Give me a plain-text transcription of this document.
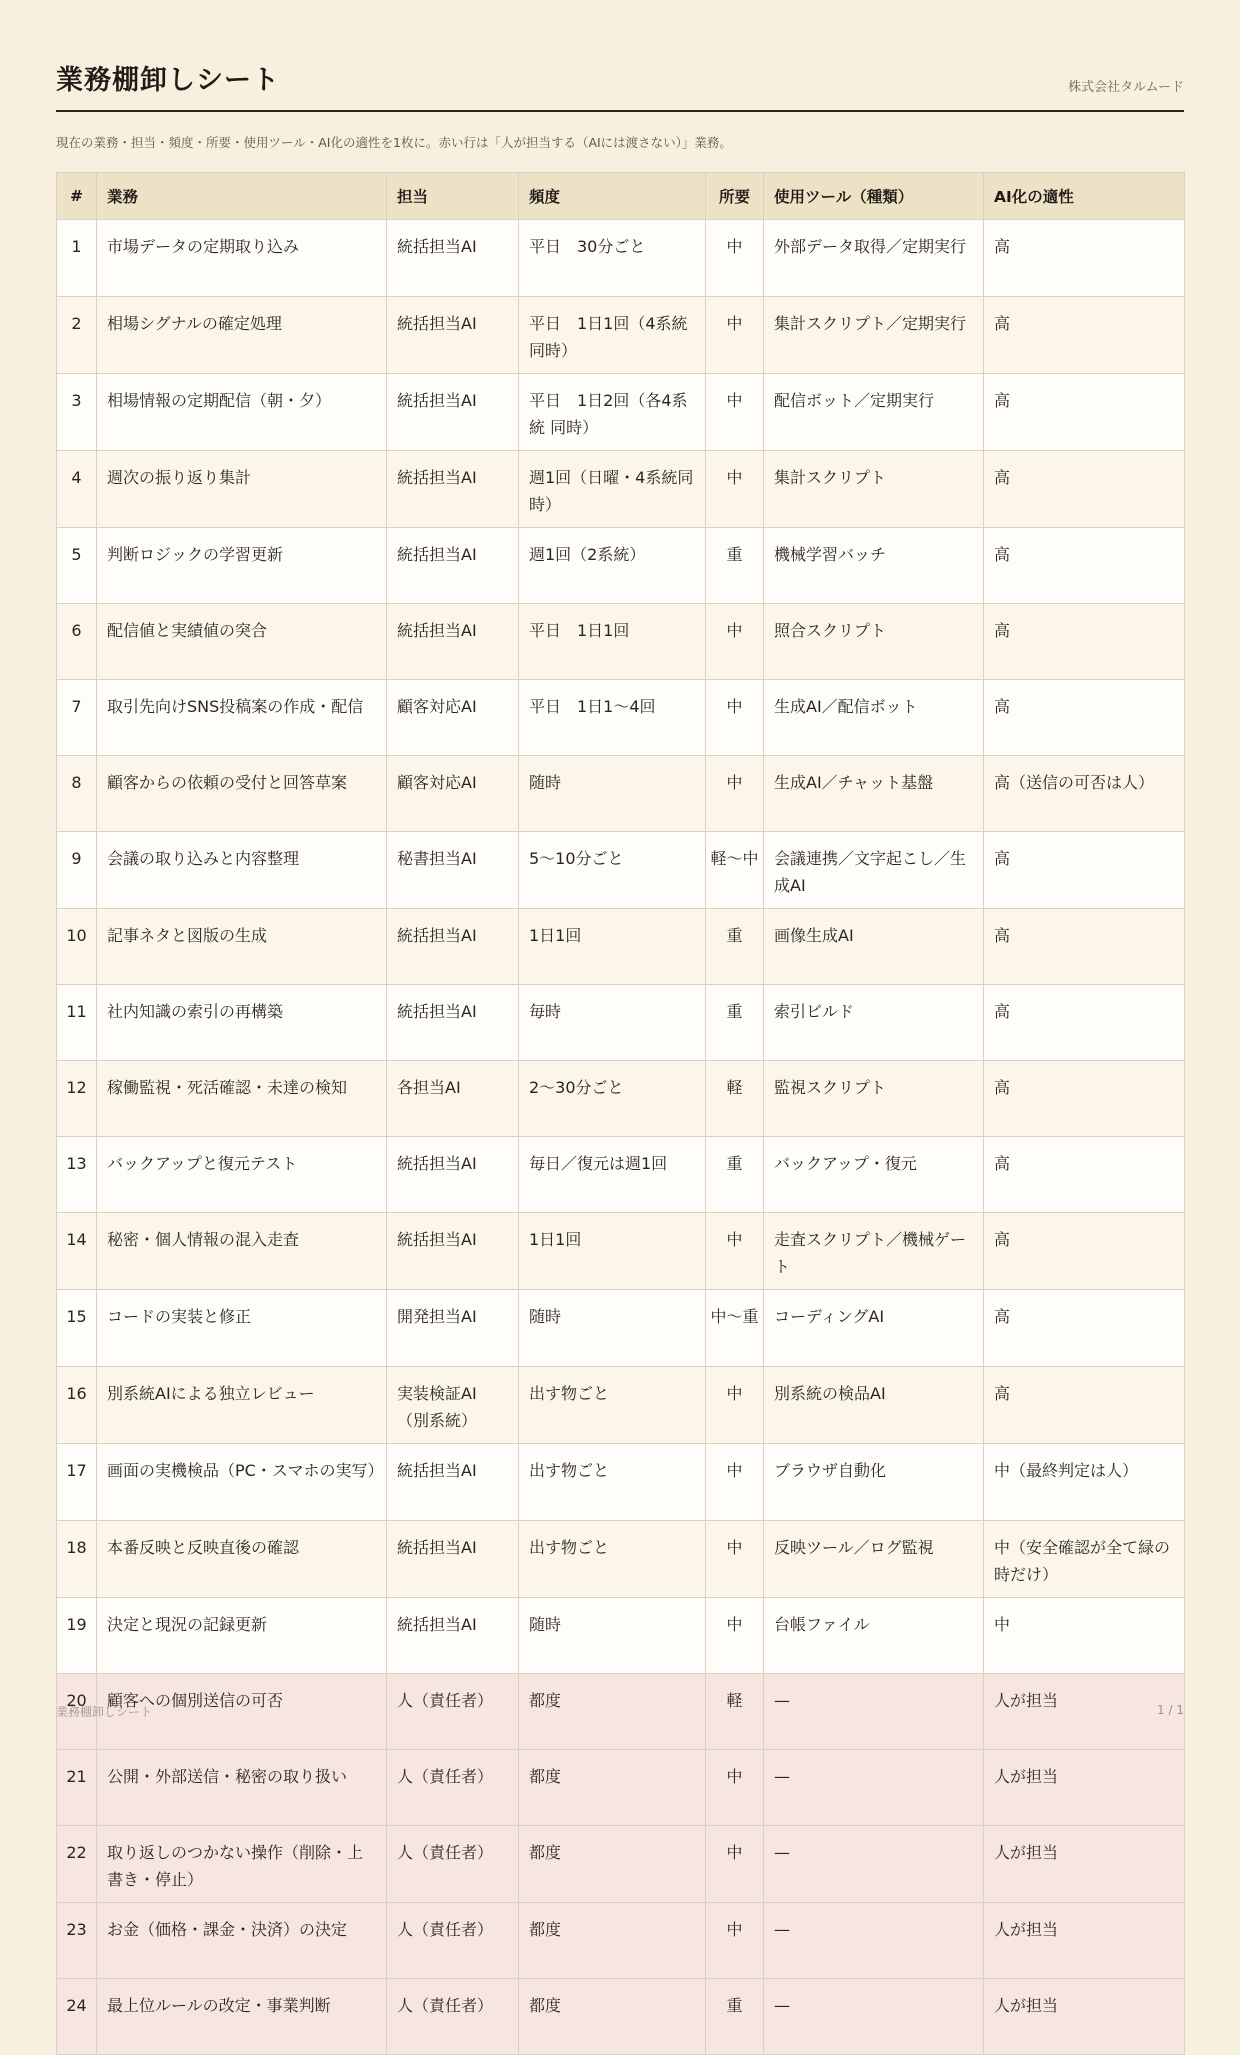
業務棚卸しシート	株式会社タルムード
現在の業務・担当・頻度・所要・使用ツール・AI化の適性を1枚に。赤い行は「人が担当する（AIには渡さない）」業務。
#	業務	担当	頻度	所要	使用ツール（種類）	AI化の適性
1	市場データの定期取り込み	統括担当AI	平日　30分ごと	中	外部データ取得／定期実行	高
2	相場シグナルの確定処理	統括担当AI	平日　1日1回（4系統同時）	中	集計スクリプト／定期実行	高
3	相場情報の定期配信（朝・夕）	統括担当AI	平日　1日2回（各4系統 同時）	中	配信ボット／定期実行	高
4	週次の振り返り集計	統括担当AI	週1回（日曜・4系統同時）	中	集計スクリプト	高
5	判断ロジックの学習更新	統括担当AI	週1回（2系統）	重	機械学習バッチ	高
6	配信値と実績値の突合	統括担当AI	平日　1日1回	中	照合スクリプト	高
7	取引先向けSNS投稿案の作成・配信	顧客対応AI	平日　1日1〜4回	中	生成AI／配信ボット	高
8	顧客からの依頼の受付と回答草案	顧客対応AI	随時	中	生成AI／チャット基盤	高（送信の可否は人）
9	会議の取り込みと内容整理	秘書担当AI	5〜10分ごと	軽〜中	会議連携／文字起こし／生成AI	高
10	記事ネタと図版の生成	統括担当AI	1日1回	重	画像生成AI	高
11	社内知識の索引の再構築	統括担当AI	毎時	重	索引ビルド	高
12	稼働監視・死活確認・未達の検知	各担当AI	2〜30分ごと	軽	監視スクリプト	高
13	バックアップと復元テスト	統括担当AI	毎日／復元は週1回	重	バックアップ・復元	高
14	秘密・個人情報の混入走査	統括担当AI	1日1回	中	走査スクリプト／機械ゲート	高
15	コードの実装と修正	開発担当AI	随時	中〜重	コーディングAI	高
16	別系統AIによる独立レビュー	実装検証AI（別系統）	出す物ごと	中	別系統の検品AI	高
17	画面の実機検品（PC・スマホの実写）	統括担当AI	出す物ごと	中	ブラウザ自動化	中（最終判定は人）
18	本番反映と反映直後の確認	統括担当AI	出す物ごと	中	反映ツール／ログ監視	中（安全確認が全て緑の時だけ）
19	決定と現況の記録更新	統括担当AI	随時	中	台帳ファイル	中
20	顧客への個別送信の可否	人（責任者）	都度	軽	—	人が担当
21	公開・外部送信・秘密の取り扱い	人（責任者）	都度	中	—	人が担当
22	取り返しのつかない操作（削除・上書き・停止）	人（責任者）	都度	中	—	人が担当
23	お金（価格・課金・決済）の決定	人（責任者）	都度	中	—	人が担当
24	最上位ルールの改定・事業判断	人（責任者）	都度	重	—	人が担当
業務棚卸しシート	1 / 1
